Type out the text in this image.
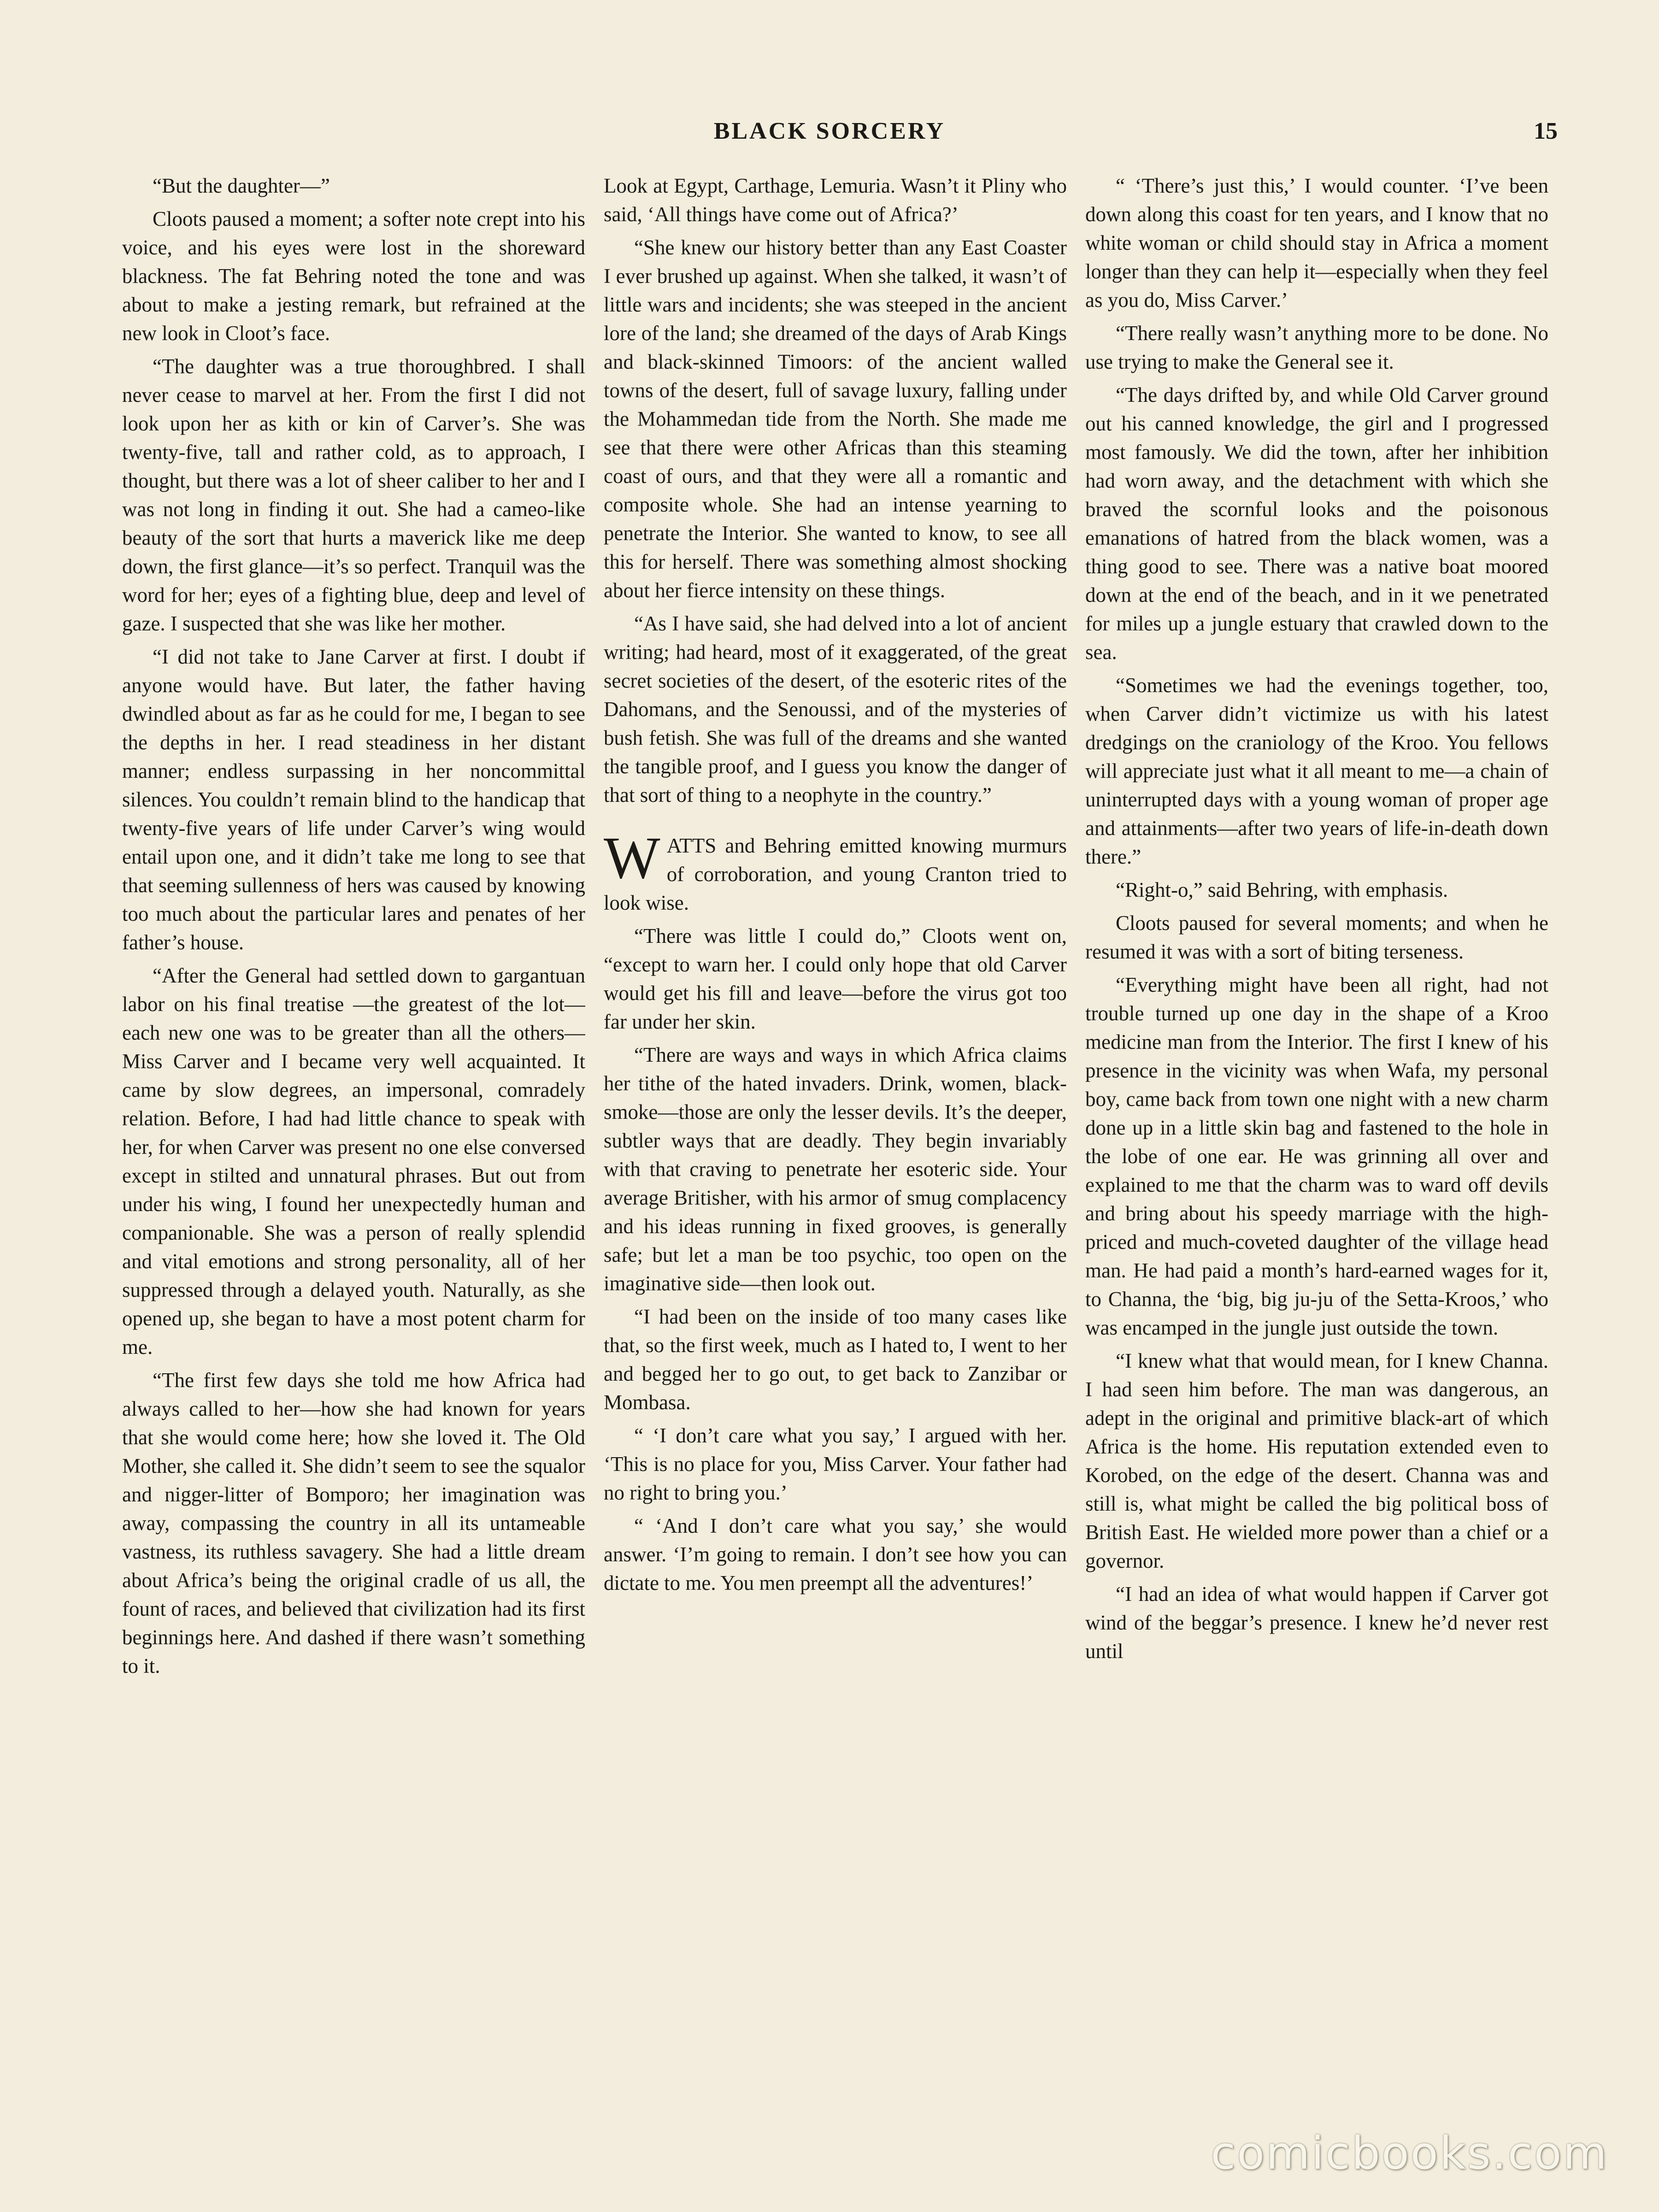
BLACK SORCERY	15

“But the daughter—”

Cloots paused a moment; a softer note crept into his voice, and his eyes were lost in the shoreward blackness. The fat Behring noted the tone and was about to make a jesting remark, but refrained at the new look in Cloot’s face.

“The daughter was a true thoroughbred. I shall never cease to marvel at her. From the first I did not look upon her as kith or kin of Carver’s. She was twenty-five, tall and rather cold, as to approach, I thought, but there was a lot of sheer caliber to her and I was not long in finding it out. She had a cameo-like beauty of the sort that hurts a maverick like me deep down, the first glance—it’s so perfect. Tranquil was the word for her; eyes of a fighting blue, deep and level of gaze. I suspected that she was like her mother.

“I did not take to Jane Carver at first. I doubt if anyone would have. But later, the father having dwindled about as far as he could for me, I began to see the depths in her. I read steadiness in her distant manner; endless surpassing in her noncommittal silences. You couldn’t remain blind to the handicap that twenty-five years of life under Carver’s wing would entail upon one, and it didn’t take me long to see that that seeming sullenness of hers was caused by knowing too much about the particular lares and penates of her father’s house.

“After the General had settled down to gargantuan labor on his final treatise —the greatest of the lot—each new one was to be greater than all the others—Miss Carver and I became very well acquainted. It came by slow degrees, an impersonal, comradely relation. Before, I had had little chance to speak with her, for when Carver was present no one else conversed except in stilted and unnatural phrases. But out from under his wing, I found her unexpectedly human and companionable. She was a person of really splendid and vital emotions and strong personality, all of her suppressed through a delayed youth. Naturally, as she opened up, she began to have a most potent charm for me.

“The first few days she told me how Africa had always called to her—how she had known for years that she would come here; how she loved it. The Old Mother, she called it. She didn’t seem to see the squalor and nigger-litter of Bomporo; her imagination was away, compassing the country in all its untameable vastness, its ruthless savagery. She had a little dream about Africa’s being the original cradle of us all, the fount of races, and believed that civilization had its first beginnings here. And dashed if there wasn’t something to it.

Look at Egypt, Carthage, Lemuria. Wasn’t it Pliny who said, ‘All things have come out of Africa?’

“She knew our history better than any East Coaster I ever brushed up against. When she talked, it wasn’t of little wars and incidents; she was steeped in the ancient lore of the land; she dreamed of the days of Arab Kings and black-skinned Timoors: of the ancient walled towns of the desert, full of savage luxury, falling under the Mohammedan tide from the North. She made me see that there were other Africas than this steaming coast of ours, and that they were all a romantic and composite whole. She had an intense yearning to penetrate the Interior. She wanted to know, to see all this for herself. There was something almost shocking about her fierce intensity on these things.

“As I have said, she had delved into a lot of ancient writing; had heard, most of it exaggerated, of the great secret societies of the desert, of the esoteric rites of the Dahomans, and the Senoussi, and of the mysteries of bush fetish. She was full of the dreams and she wanted the tangible proof, and I guess you know the danger of that sort of thing to a neophyte in the country.”

WATTS and Behring emitted knowing murmurs of corroboration, and young Cranton tried to look wise.

“There was little I could do,” Cloots went on, “except to warn her. I could only hope that old Carver would get his fill and leave—before the virus got too far under her skin.

“There are ways and ways in which Africa claims her tithe of the hated invaders. Drink, women, black-smoke—those are only the lesser devils. It’s the deeper, subtler ways that are deadly. They begin invariably with that craving to penetrate her esoteric side. Your average Britisher, with his armor of smug complacency and his ideas running in fixed grooves, is generally safe; but let a man be too psychic, too open on the imaginative side—then look out.

“I had been on the inside of too many cases like that, so the first week, much as I hated to, I went to her and begged her to go out, to get back to Zanzibar or Mombasa.

“ ‘I don’t care what you say,’ I argued with her. ‘This is no place for you, Miss Carver. Your father had no right to bring you.’

“ ‘And I don’t care what you say,’ she would answer. ‘I’m going to remain. I don’t see how you can dictate to me. You men preempt all the adventures!’

“ ‘There’s just this,’ I would counter. ‘I’ve been down along this coast for ten years, and I know that no white woman or child should stay in Africa a moment longer than they can help it—especially when they feel as you do, Miss Carver.’

“There really wasn’t anything more to be done. No use trying to make the General see it.

“The days drifted by, and while Old Carver ground out his canned knowledge, the girl and I progressed most famously. We did the town, after her inhibition had worn away, and the detachment with which she braved the scornful looks and the poisonous emanations of hatred from the black women, was a thing good to see. There was a native boat moored down at the end of the beach, and in it we penetrated for miles up a jungle estuary that crawled down to the sea.

“Sometimes we had the evenings together, too, when Carver didn’t victimize us with his latest dredgings on the craniology of the Kroo. You fellows will appreciate just what it all meant to me—a chain of uninterrupted days with a young woman of proper age and attainments—after two years of life-in-death down there.”

“Right-o,” said Behring, with emphasis.

Cloots paused for several moments; and when he resumed it was with a sort of biting terseness.

“Everything might have been all right, had not trouble turned up one day in the shape of a Kroo medicine man from the Interior. The first I knew of his presence in the vicinity was when Wafa, my personal boy, came back from town one night with a new charm done up in a little skin bag and fastened to the hole in the lobe of one ear. He was grinning all over and explained to me that the charm was to ward off devils and bring about his speedy marriage with the high-priced and much-coveted daughter of the village head man. He had paid a month’s hard-earned wages for it, to Channa, the ‘big, big ju-ju of the Setta-Kroos,’ who was encamped in the jungle just outside the town.

“I knew what that would mean, for I knew Channa. I had seen him before. The man was dangerous, an adept in the original and primitive black-art of which Africa is the home. His reputation extended even to Korobed, on the edge of the desert. Channa was and still is, what might be called the big political boss of British East. He wielded more power than a chief or a governor.

“I had an idea of what would happen if Carver got wind of the beggar’s presence. I knew he’d never rest until

comicbooks.com
